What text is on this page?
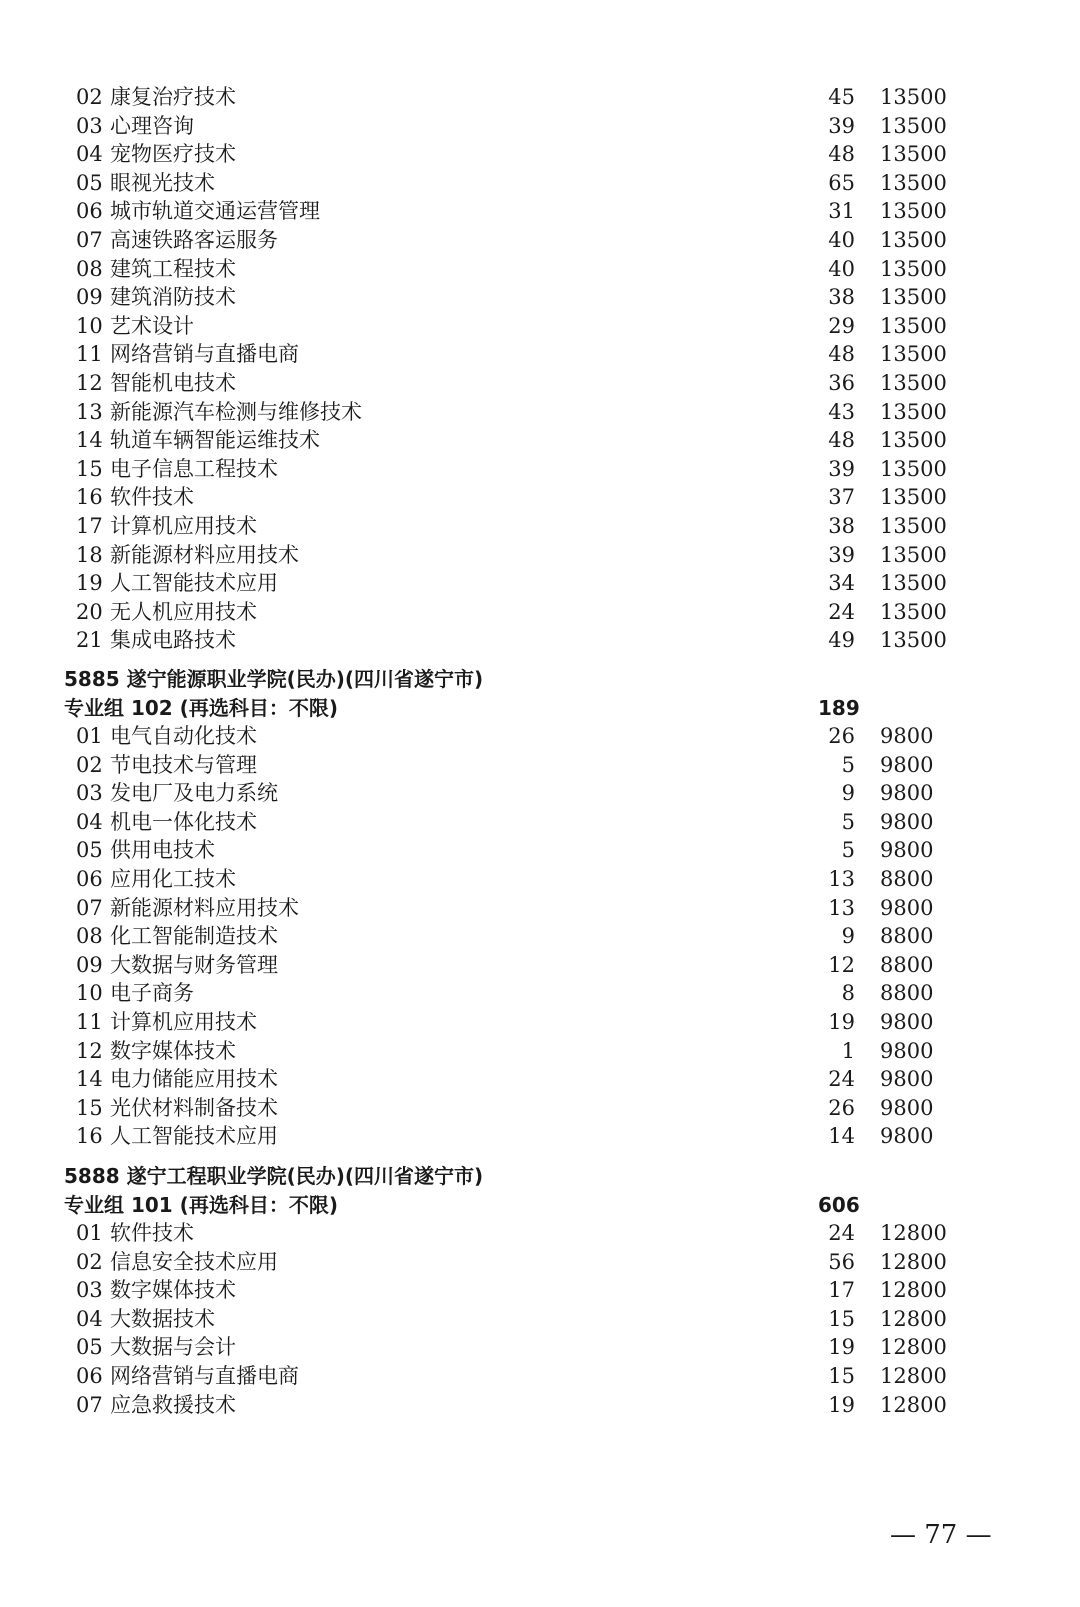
02 康复治疗技术	45 13500
03 心理咨询	39 13500
04 宠物医疗技术	48 13500
05 眼视光技术	65 13500
06 城市轨道交通运营管理	31 13500
07 高速铁路客运服务	40 13500
08 建筑工程技术	40 13500
09 建筑消防技术	38 13500
10 艺术设计	29 13500
11 网络营销与直播电商	48 13500
12 智能机电技术	36 13500
13 新能源汽车检测与维修技术	43 13500
14 轨道车辆智能运维技术	48 13500
15 电子信息工程技术	39 13500
16 软件技术	37 13500
17 计算机应用技术	38 13500
18 新能源材料应用技术	39 13500
19 人工智能技术应用	34 13500
20 无人机应用技术	24 13500
21 集成电路技术	49 13500
5885 遂宁能源职业学院(民办)(四川省遂宁市)
专业组 102 (再选科目：不限)	189
01 电气自动化技术	26 9800
02 节电技术与管理	5 9800
03 发电厂及电力系统	9 9800
04 机电一体化技术	5 9800
05 供用电技术	5 9800
06 应用化工技术	13 8800
07 新能源材料应用技术	13 9800
08 化工智能制造技术	9 8800
09 大数据与财务管理	12 8800
10 电子商务	8 8800
11 计算机应用技术	19 9800
12 数字媒体技术	1 9800
14 电力储能应用技术	24 9800
15 光伏材料制备技术	26 9800
16 人工智能技术应用	14 9800
5888 遂宁工程职业学院(民办)(四川省遂宁市)
专业组 101 (再选科目：不限)	606
01 软件技术	24 12800
02 信息安全技术应用	56 12800
03 数字媒体技术	17 12800
04 大数据技术	15 12800
05 大数据与会计	19 12800
06 网络营销与直播电商	15 12800
07 应急救援技术	19 12800
— 77 —
